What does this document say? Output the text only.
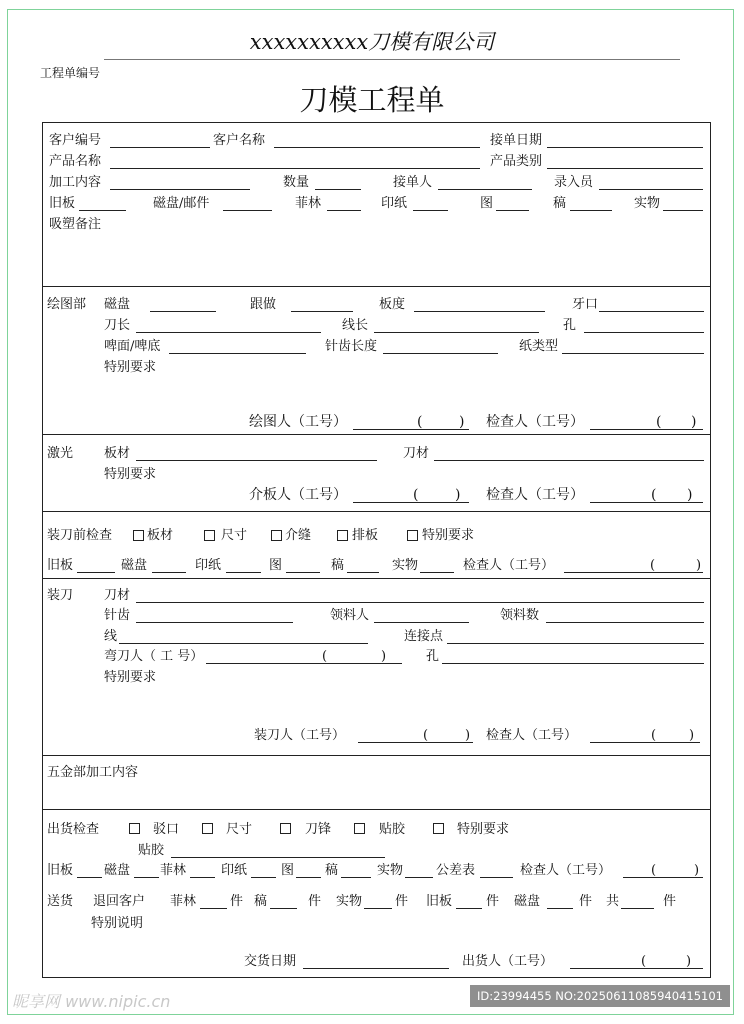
xxxxxxxxxx刀模有限公司
工程单编号
刀模工程单
客户编号	客户名称	接单日期
产品名称	产品类别
加工内容	数量	接单人	录入员
旧板	磁盘/邮件	菲林	印纸	图	稿	实物
吸塑备注
绘图部 磁盘	跟做	板度	牙口
刀长	线长	孔
啤面/啤底	针齿长度	纸类型
特别要求
绘图人（工号）	(	) 检查人（工号）	( )
激光 板材	刀材
特别要求
介板人（工号）	(	) 检查人（工号）	( )
装刀前检查	板材	尺寸	介缝	排板	特别要求
旧板	磁盘	印纸	图	稿	实物	检查人（工号）	(	)
装刀 刀材
针齿	领料人	领料数
线	连接点
弯刀人（ 工 号）	(	)	孔
特别要求
装刀人（工号）	(	) 检查人（工号）	(	)
五金部加工内容
出货检查	驳口	尺寸	刀锋	贴胶	特别要求
贴胶
旧板 磁盘 菲林	印纸	图 稿	实物	公差表	检查人（工号）	(	)
送货 退回客户 菲林	件 稿	件 实物	件 旧板	件 磁盘	件 共	件
特别说明
交货日期	出货人（工号）	(	)
昵享网 www.nipic.cn	ID:23994455 NO:20250611085940415101
